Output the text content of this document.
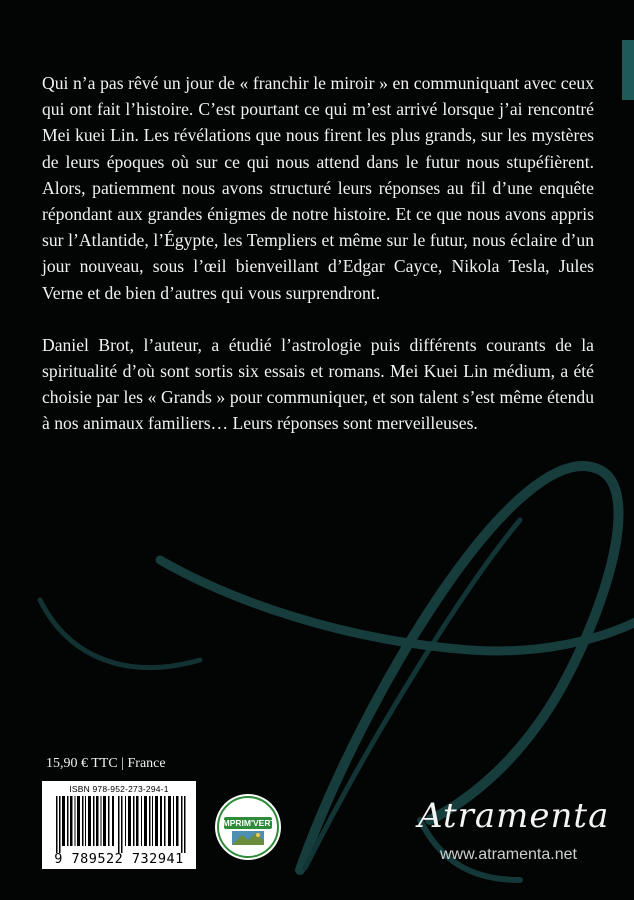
Qui n’a pas rêvé un jour de « franchir le miroir » en communiquant avec ceux qui ont fait l’histoire. C’est pourtant ce qui m’est arrivé lorsque j’ai rencontré Mei kuei Lin. Les révélations que nous firent les plus grands, sur les mystères de leurs époques où sur ce qui nous attend dans le futur nous stupéfièrent. Alors, patiemment nous avons structuré leurs réponses au fil d’une enquête répondant aux grandes énigmes de notre histoire. Et ce que nous avons appris sur l’Atlantide, l’Égypte, les Templiers et même sur le futur, nous éclaire d’un jour nouveau, sous l’œil bienveillant d’Edgar Cayce, Nikola Tesla, Jules Verne et de bien d’autres qui vous surprendront.

Daniel Brot, l’auteur, a étudié l’astrologie puis différents courants de la spiritualité d’où sont sortis six essais et romans. Mei Kuei Lin médium, a été choisie par les « Grands » pour communiquer, et son talent s’est même étendu à nos animaux familiers… Leurs réponses sont merveilleuses.

15,90 € TTC | France
ISBN 978-952-273-294-1
9 789522 732941
IMPRIM'VERT	Atramenta
www.atramenta.net
